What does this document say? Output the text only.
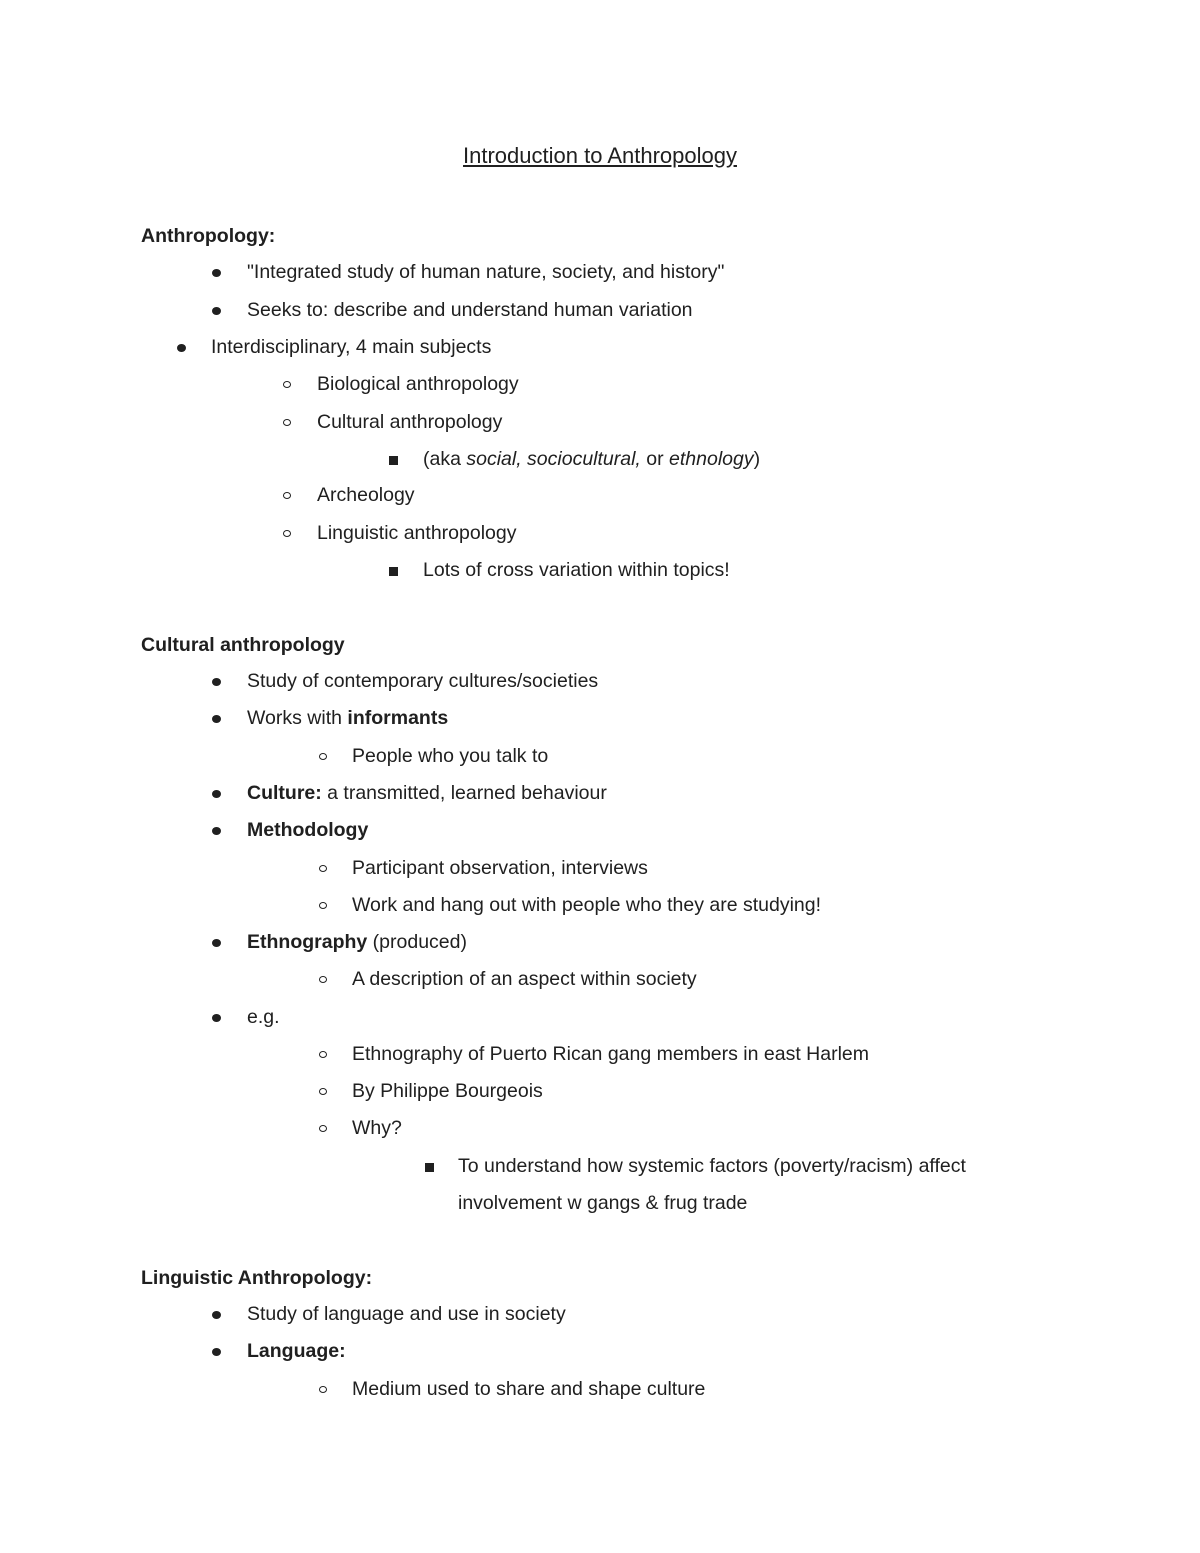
Introduction to Anthropology
Anthropology:
"Integrated study of human nature, society, and history"
Seeks to: describe and understand human variation
Interdisciplinary, 4 main subjects
Biological anthropology
Cultural anthropology
(aka social, sociocultural, or ethnology)
Archeology
Linguistic anthropology
Lots of cross variation within topics!
Cultural anthropology
Study of contemporary cultures/societies
Works with informants
People who you talk to
Culture: a transmitted, learned behaviour
Methodology
Participant observation, interviews
Work and hang out with people who they are studying!
Ethnography (produced)
A description of an aspect within society
e.g.
Ethnography of Puerto Rican gang members in east Harlem
By Philippe Bourgeois
Why?
To understand how systemic factors (poverty/racism) affect
involvement w gangs & frug trade
Linguistic Anthropology:
Study of language and use in society
Language:
Medium used to share and shape culture
